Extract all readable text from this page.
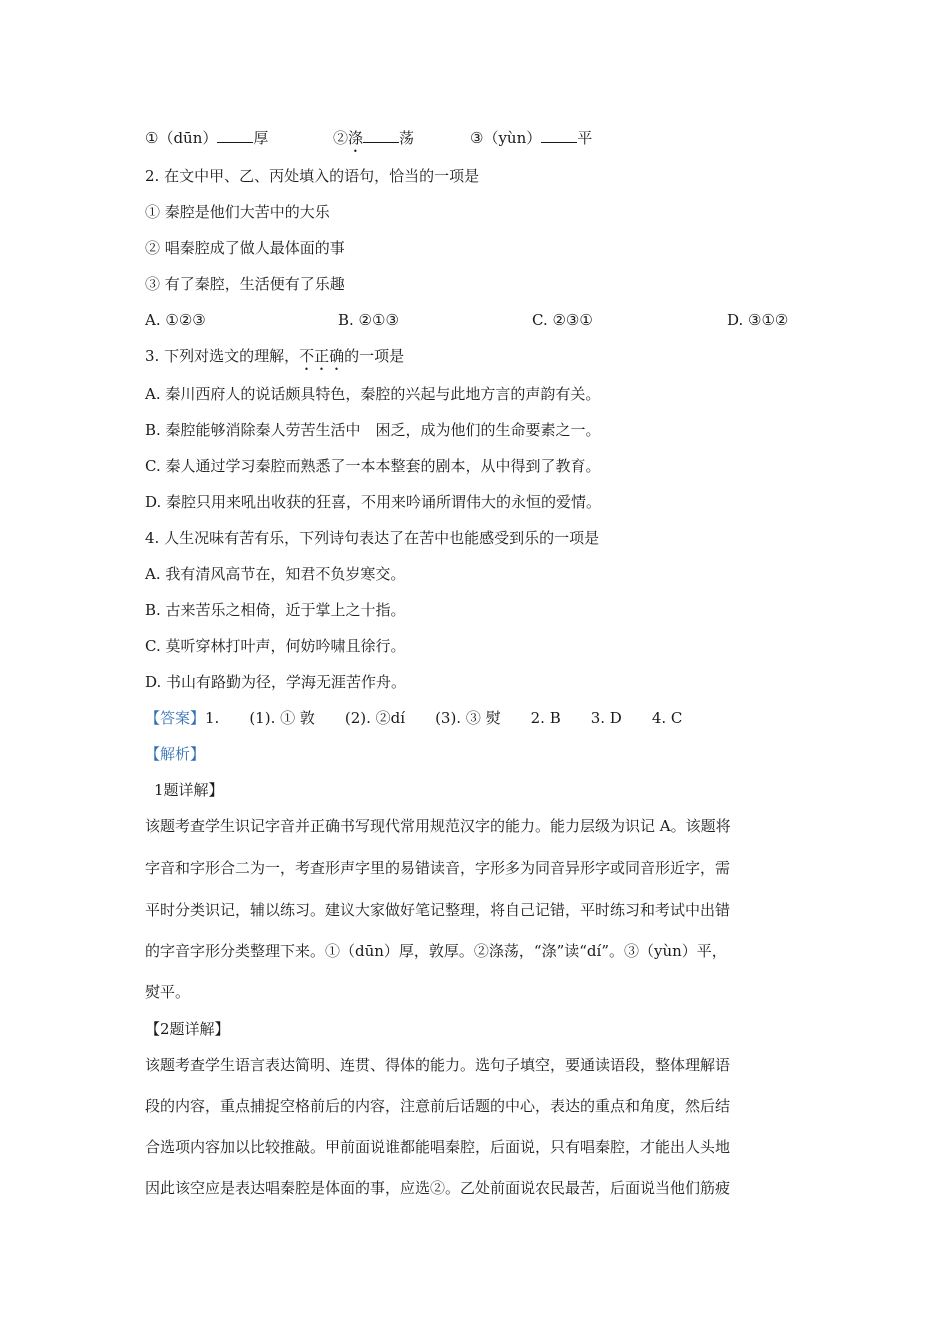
①（dūn） 厚	②涤 荡	③（yùn） 平
2. 在文中甲、乙、丙处填入的语句，恰当的一项是
① 秦腔是他们大苦中的大乐
② 唱秦腔成了做人最体面的事
③ 有了秦腔，生活便有了乐趣
A. ①②③	B. ②①③	C. ②③①	D. ③①②
3. 下列对选文的理解，不正确的一项是
A. 秦川西府人的说话颇具特色，秦腔的兴起与此地方言的声韵有关。
B. 秦腔能够消除秦人劳苦生活中　困乏，成为他们的生命要素之一。
C. 秦人通过学习秦腔而熟悉了一本本整套的剧本，从中得到了教育。
D. 秦腔只用来吼出收获的狂喜，不用来吟诵所谓伟大的永恒的爱情。
4. 人生况味有苦有乐，下列诗句表达了在苦中也能感受到乐的一项是
A. 我有清风高节在，知君不负岁寒交。
B. 古来苦乐之相倚，近于掌上之十指。
C. 莫听穿林打叶声，何妨吟啸且徐行。
D. 书山有路勤为径，学海无涯苦作舟。
【答案】1.　　(1). ① 敦　　(2). ②dí　　(3). ③ 熨　　2. B　　3. D　　4. C
【解析】
1题详解】
该题考查学生识记字音并正确书写现代常用规范汉字的能力。能力层级为识记 A。该题将
字音和字形合二为一，考查形声字里的易错读音，字形多为同音异形字或同音形近字，需
平时分类识记，辅以练习。建议大家做好笔记整理，将自己记错，平时练习和考试中出错
的字音字形分类整理下来。①（dūn）厚，敦厚。②涤荡，“涤”读“dí”。③（yùn）平，
熨平。
【2题详解】
该题考查学生语言表达简明、连贯、得体的能力。选句子填空，要通读语段，整体理解语
段的内容，重点捕捉空格前后的内容，注意前后话题的中心，表达的重点和角度，然后结
合选项内容加以比较推敲。甲前面说谁都能唱秦腔，后面说，只有唱秦腔，才能出人头地
因此该空应是表达唱秦腔是体面的事，应选②。乙处前面说农民最苦，后面说当他们筋疲
